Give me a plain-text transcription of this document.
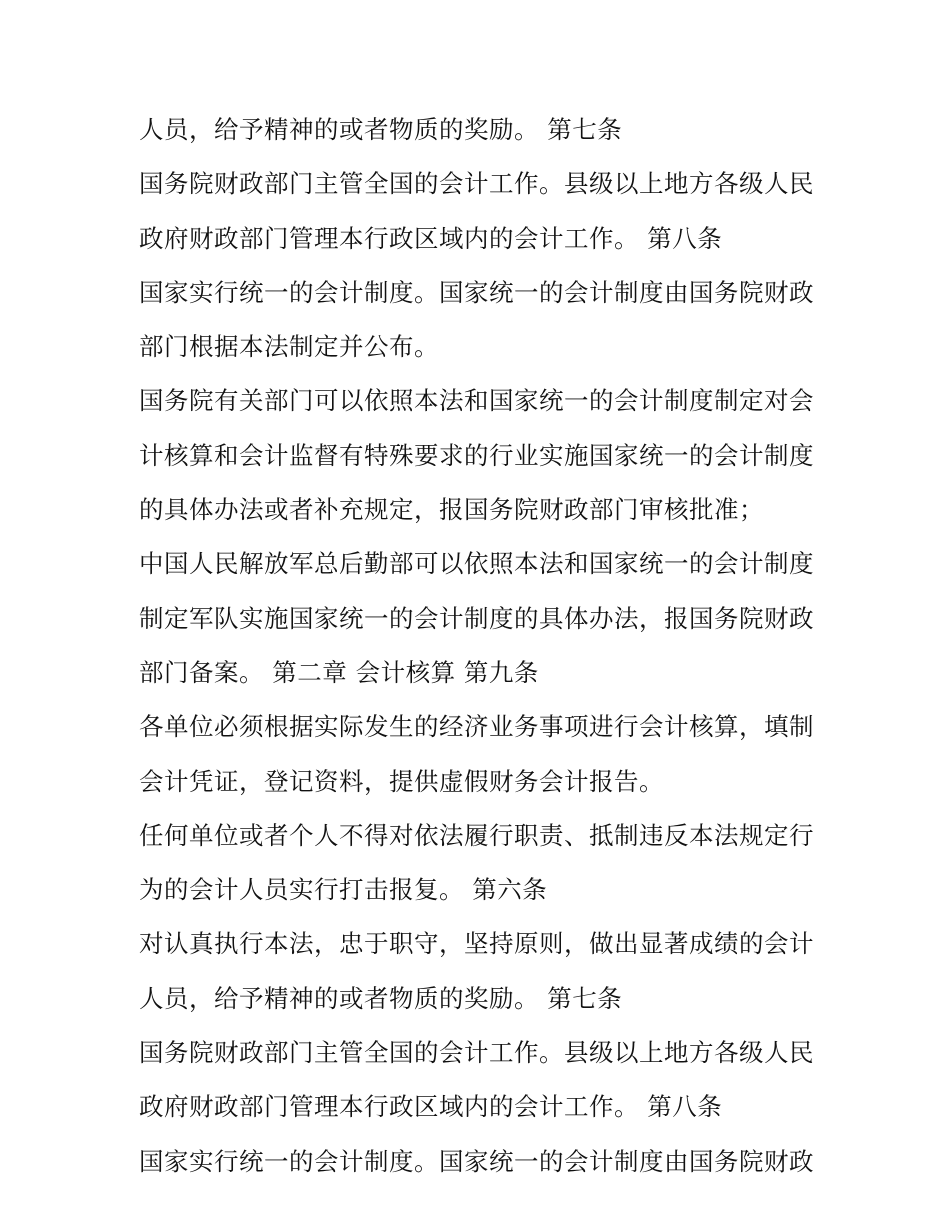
人员，给予精神的或者物质的奖励。 第七条
国务院财政部门主管全国的会计工作。县级以上地方各级人民
政府财政部门管理本行政区域内的会计工作。 第八条
国家实行统一的会计制度。国家统一的会计制度由国务院财政
部门根据本法制定并公布。
国务院有关部门可以依照本法和国家统一的会计制度制定对会
计核算和会计监督有特殊要求的行业实施国家统一的会计制度
的具体办法或者补充规定，报国务院财政部门审核批准；
中国人民解放军总后勤部可以依照本法和国家统一的会计制度
制定军队实施国家统一的会计制度的具体办法，报国务院财政
部门备案。 第二章 会计核算 第九条
各单位必须根据实际发生的经济业务事项进行会计核算，填制
会计凭证，登记资料，提供虚假财务会计报告。
任何单位或者个人不得对依法履行职责、抵制违反本法规定行
为的会计人员实行打击报复。 第六条
对认真执行本法，忠于职守，坚持原则，做出显著成绩的会计
人员，给予精神的或者物质的奖励。 第七条
国务院财政部门主管全国的会计工作。县级以上地方各级人民
政府财政部门管理本行政区域内的会计工作。 第八条
国家实行统一的会计制度。国家统一的会计制度由国务院财政
